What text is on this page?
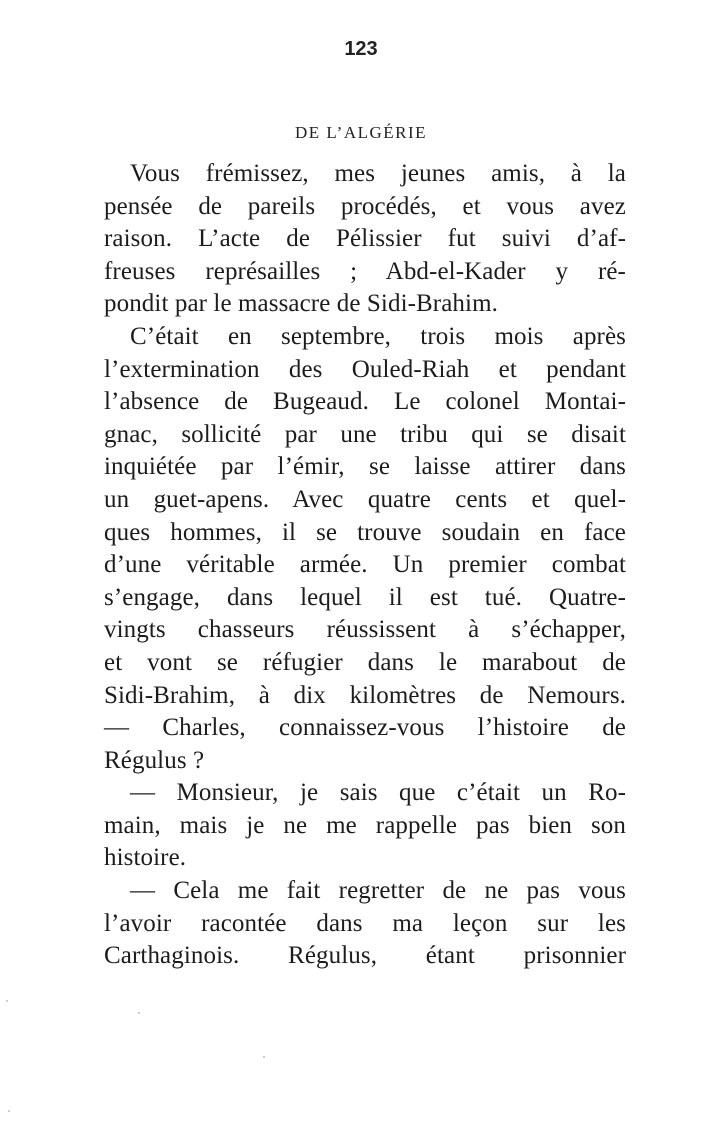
123
DE L’ALGÉRIE
Vous frémissez, mes jeunes amis, à la
pensée de pareils procédés, et vous avez
raison. L’acte de Pélissier fut suivi d’af-
freuses représailles ; Abd-el-Kader y ré-
pondit par le massacre de Sidi-Brahim.
C’était en septembre, trois mois après
l’extermination des Ouled-Riah et pendant
l’absence de Bugeaud. Le colonel Montai-
gnac, sollicité par une tribu qui se disait
inquiétée par l’émir, se laisse attirer dans
un guet-apens. Avec quatre cents et quel-
ques hommes, il se trouve soudain en face
d’une véritable armée. Un premier combat
s’engage, dans lequel il est tué. Quatre-
vingts chasseurs réussissent à s’échapper,
et vont se réfugier dans le marabout de
Sidi-Brahim, à dix kilomètres de Nemours.
— Charles, connaissez-vous l’histoire de
Régulus ?
— Monsieur, je sais que c’était un Ro-
main, mais je ne me rappelle pas bien son
histoire.
— Cela me fait regretter de ne pas vous
l’avoir racontée dans ma leçon sur les
Carthaginois. Régulus, étant prisonnier
